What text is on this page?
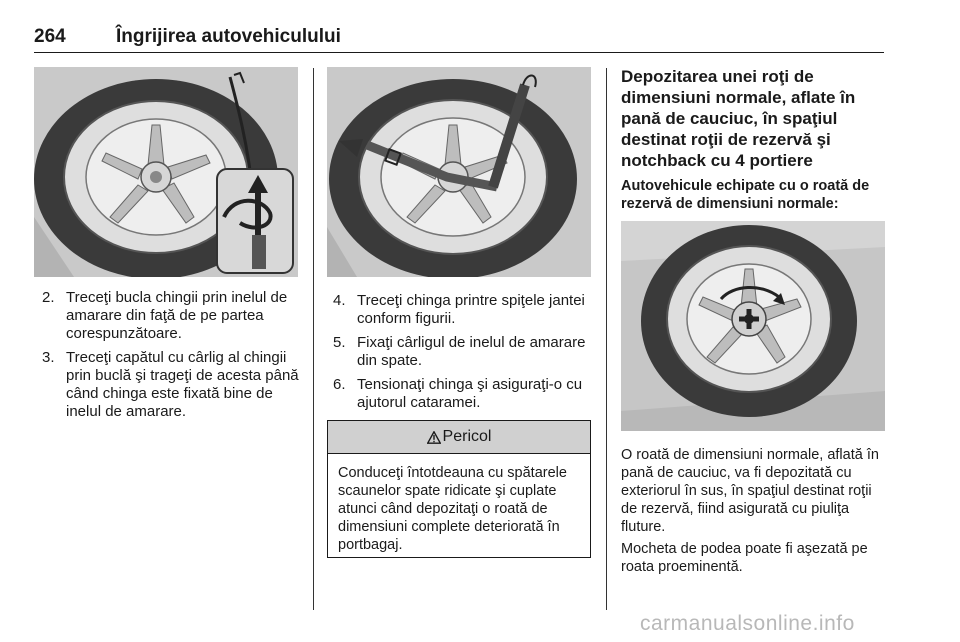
264	Îngrijirea autovehiculului
2. Treceţi bucla chingii prin inelul de amarare din faţă de pe partea corespunzătoare.
3. Treceţi capătul cu cârlig al chingii prin buclă şi trageţi de acesta până când chinga este fixată bine de inelul de amarare.
4. Treceţi chinga printre spiţele jantei conform figurii.
5. Fixaţi cârligul de inelul de amarare din spate.
6. Tensionaţi chinga şi asiguraţi-o cu ajutorul cataramei.
Pericol
Conduceţi întotdeauna cu spătarele scaunelor spate ridicate şi cuplate atunci când depozitaţi o roată de dimensiuni complete deteriorată în portbagaj.
Depozitarea unei roţi de dimensiuni normale, aflate în pană de cauciuc, în spaţiul destinat roţii de rezervă şi notchback cu 4 portiere
Autovehicule echipate cu o roată de rezervă de dimensiuni normale:

O roată de dimensiuni normale, aflată în pană de cauciuc, va fi depozitată cu exteriorul în sus, în spaţiul destinat roţii de rezervă, fiind asigurată cu piuliţa fluture.

Mocheta de podea poate fi aşezată pe roata proeminentă.

carmanualsonline.info
